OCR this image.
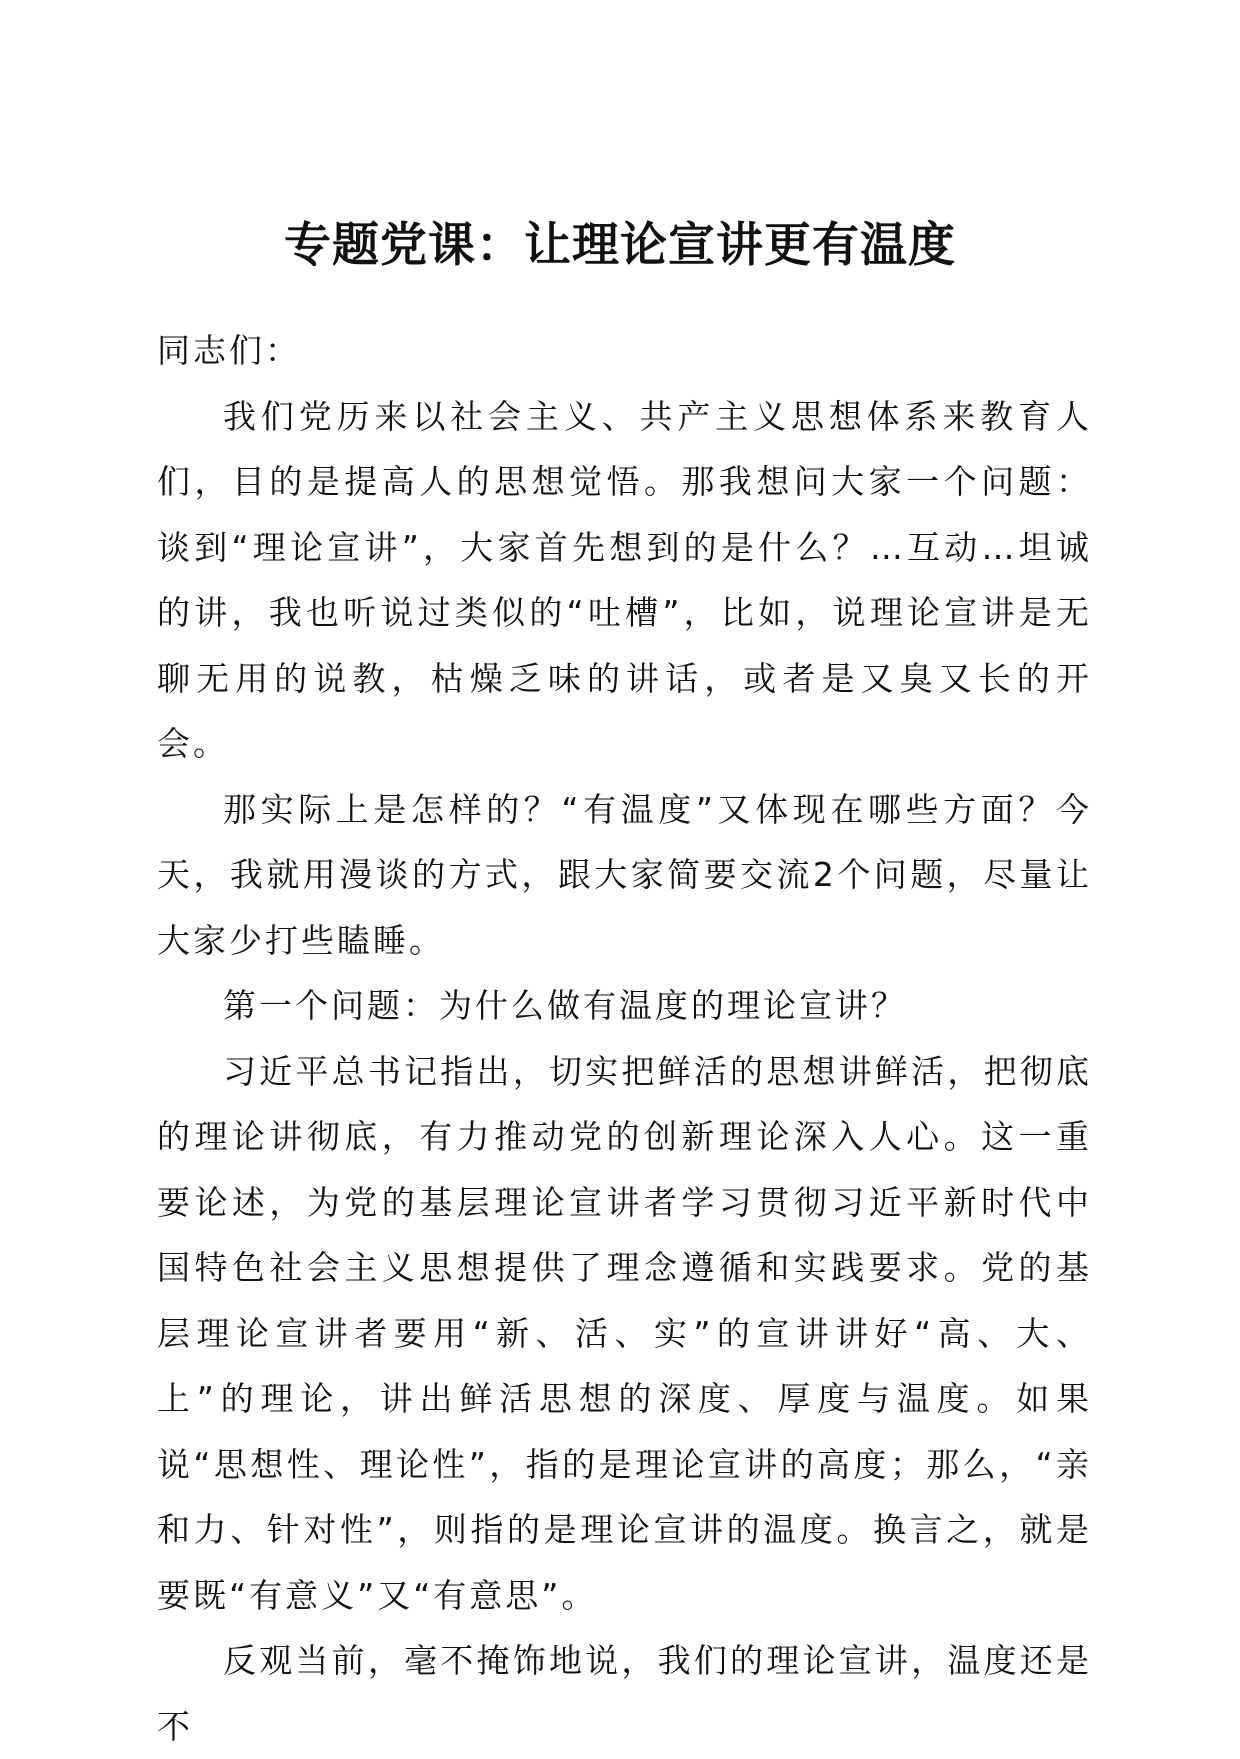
专题党课：让理论宣讲更有温度

同志们：

我们党历来以社会主义、共产主义思想体系来教育人们，目的是提高人的思想觉悟。那我想问大家一个问题：谈到“理论宣讲”，大家首先想到的是什么？…互动…坦诚的讲，我也听说过类似的“吐槽”，比如，说理论宣讲是无聊无用的说教，枯燥乏味的讲话，或者是又臭又长的开会。

那实际上是怎样的？“有温度”又体现在哪些方面？今天，我就用漫谈的方式，跟大家简要交流2个问题，尽量让大家少打些瞌睡。

第一个问题：为什么做有温度的理论宣讲？

习近平总书记指出，切实把鲜活的思想讲鲜活，把彻底的理论讲彻底，有力推动党的创新理论深入人心。这一重要论述，为党的基层理论宣讲者学习贯彻习近平新时代中国特色社会主义思想提供了理念遵循和实践要求。党的基层理论宣讲者要用“新、活、实”的宣讲讲好“高、大、上”的理论，讲出鲜活思想的深度、厚度与温度。如果说“思想性、理论性”，指的是理论宣讲的高度；那么，“亲和力、针对性”，则指的是理论宣讲的温度。换言之，就是要既“有意义”又“有意思”。

反观当前，毫不掩饰地说，我们的理论宣讲，温度还是不
